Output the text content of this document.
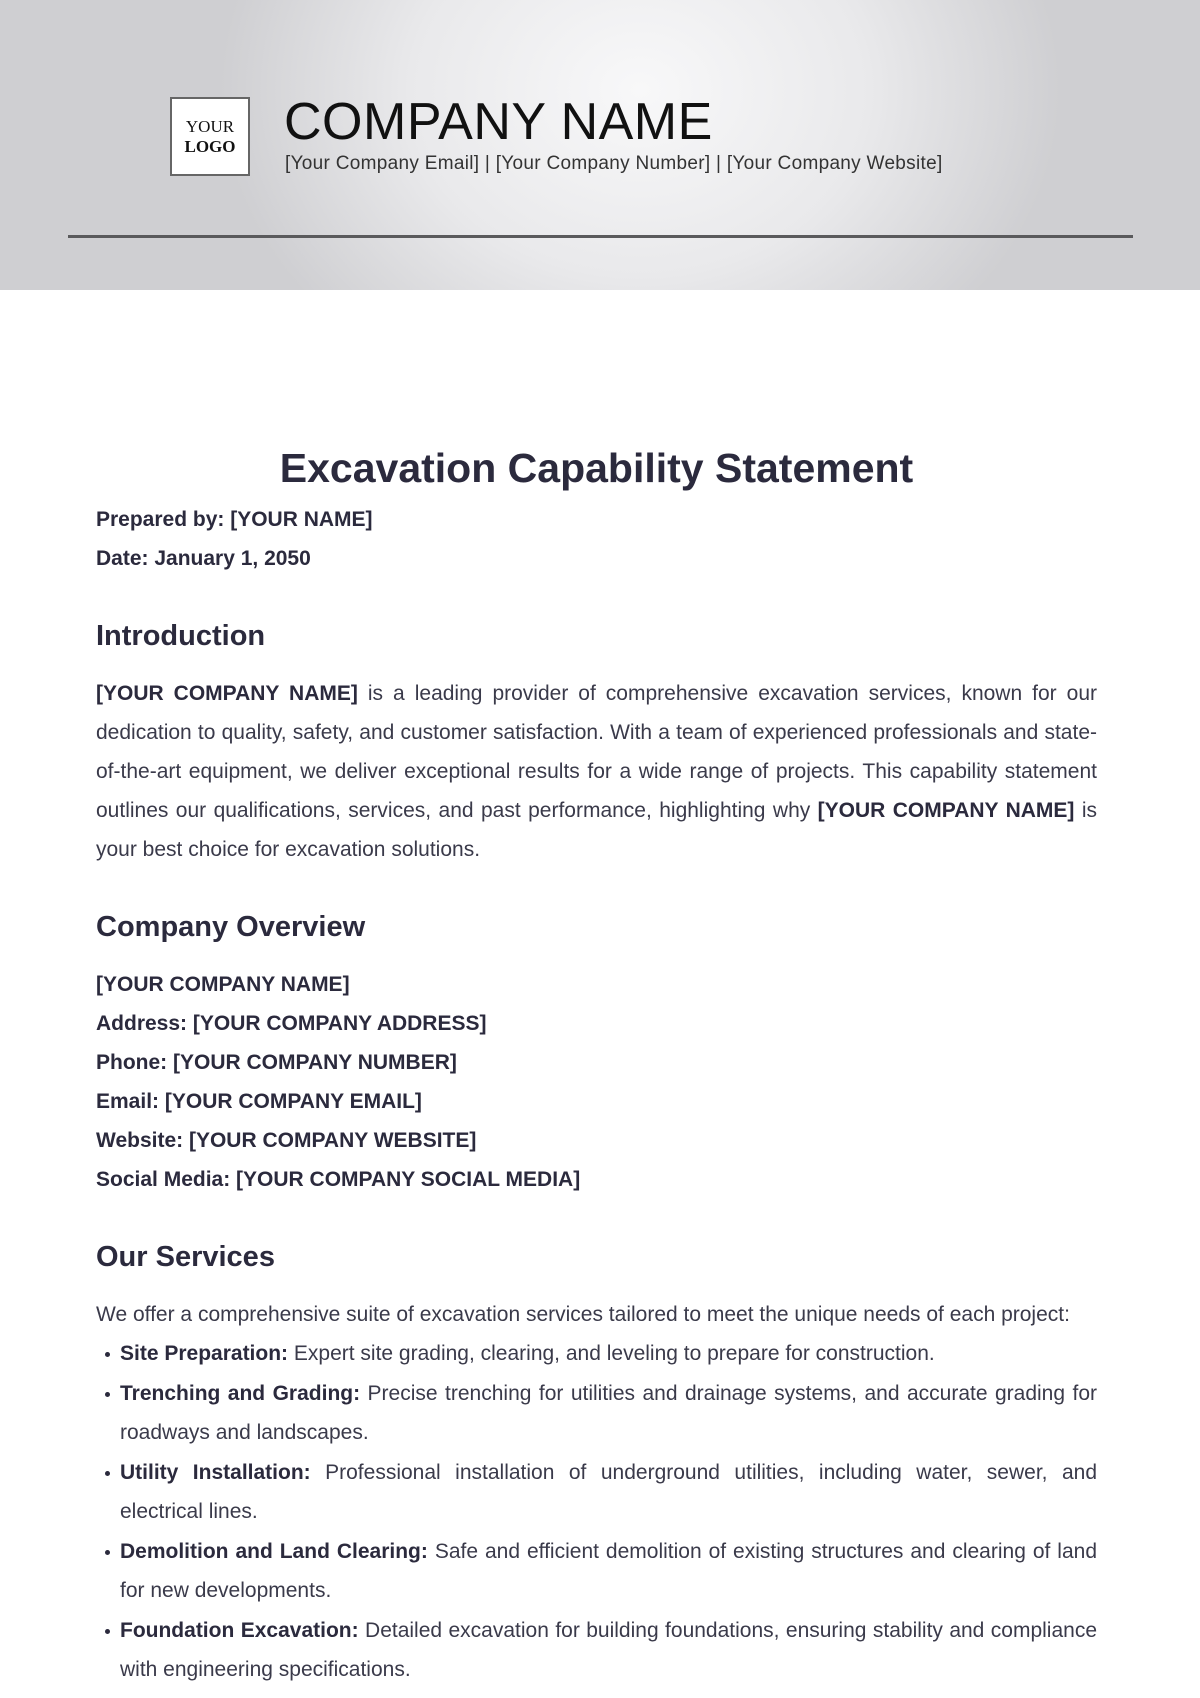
YOUR
LOGO COMPANY NAME
[Your Company Email] | [Your Company Number] | [Your Company Website]
Excavation Capability Statement
Prepared by: [YOUR NAME]
Date: January 1, 2050
Introduction

[YOUR COMPANY NAME] is a leading provider of comprehensive excavation services, known for our dedication to quality, safety, and customer satisfaction. With a team of experienced professionals and state-of-the-art equipment, we deliver exceptional results for a wide range of projects. This capability statement outlines our qualifications, services, and past performance, highlighting why [YOUR COMPANY NAME] is your best choice for excavation solutions.

Company Overview
[YOUR COMPANY NAME]
Address: [YOUR COMPANY ADDRESS]
Phone: [YOUR COMPANY NUMBER]
Email: [YOUR COMPANY EMAIL]
Website: [YOUR COMPANY WEBSITE]
Social Media: [YOUR COMPANY SOCIAL MEDIA]
Our Services

We offer a comprehensive suite of excavation services tailored to meet the unique needs of each project:

Site Preparation: Expert site grading, clearing, and leveling to prepare for construction.
Trenching and Grading: Precise trenching for utilities and drainage systems, and accurate grading for roadways and landscapes.
Utility Installation: Professional installation of underground utilities, including water, sewer, and electrical lines.
Demolition and Land Clearing: Safe and efficient demolition of existing structures and clearing of land for new developments.
Foundation Excavation: Detailed excavation for building foundations, ensuring stability and compliance with engineering specifications.
